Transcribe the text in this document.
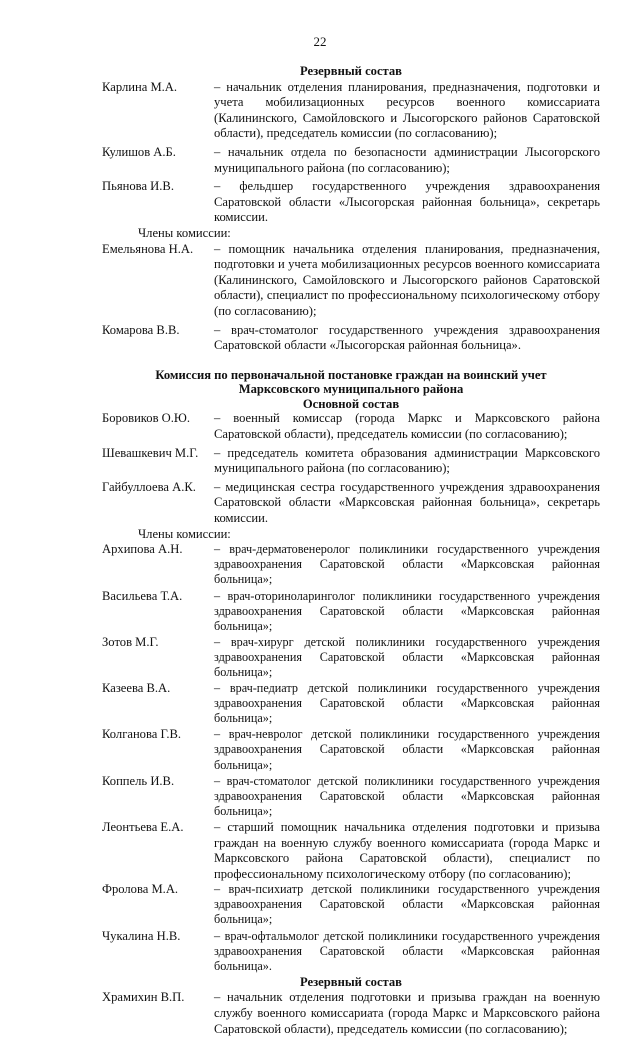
22
Резервный состав
Карлина М.А.	– начальник отделения планирования, предназначения, подготовки и учета мобилизационных ресурсов военного комиссариата (Калининского, Самойловского и Лысогорского районов Саратовской области), председатель комиссии (по согласованию);
Кулишов А.Б.	– начальник отдела по безопасности администрации Лысогорского муниципального района (по согласованию);
Пьянова И.В.	– фельдшер государственного учреждения здравоохранения Саратовской области «Лысогорская районная больница», секретарь комиссии.
Члены комиссии:
Емельянова Н.А.	– помощник начальника отделения планирования, предназначения, подготовки и учета мобилизационных ресурсов военного комиссариата (Калининского, Самойловского и Лысогорского районов Саратовской области), специалист по профессиональному психологическому отбору (по согласованию);
Комарова В.В.	– врач-стоматолог государственного учреждения здравоохранения Саратовской области «Лысогорская районная больница».
Комиссия по первоначальной постановке граждан на воинский учет
Марксовского муниципального района
Основной состав
Боровиков О.Ю.	– военный комиссар (города Маркс и Марксовского района Саратовской области), председатель комиссии (по согласованию);
Шевашкевич М.Г.	– председатель комитета образования администрации Марксовского муниципального района (по согласованию);
Гайбуллоева А.К.	– медицинская сестра государственного учреждения здравоохранения Саратовской области «Марксовская районная больница», секретарь комиссии.
Члены комиссии:
Архипова А.Н.	– врач-дерматовенеролог поликлиники государственного учреждения здравоохранения Саратовской области «Марксовская районная больница»;
Васильева Т.А.	– врач-оториноларинголог поликлиники государственного учреждения здравоохранения Саратовской области «Марксовская районная больница»;
Зотов М.Г.	– врач-хирург детской поликлиники государственного учреждения здравоохранения Саратовской области «Марксовская районная больница»;
Казеева В.А.	– врач-педиатр детской поликлиники государственного учреждения здравоохранения Саратовской области «Марксовская районная больница»;
Колганова Г.В.	– врач-невролог детской поликлиники государственного учреждения здравоохранения Саратовской области «Марксовская районная больница»;
Коппель И.В.	– врач-стоматолог детской поликлиники государственного учреждения здравоохранения Саратовской области «Марксовская районная больница»;
Леонтьева Е.А.	– старший помощник начальника отделения подготовки и призыва граждан на военную службу военного комиссариата (города Маркс и Марксовского района Саратовской области), специалист по профессиональному психологическому отбору (по согласованию);
Фролова М.А.	– врач-психиатр детской поликлиники государственного учреждения здравоохранения Саратовской области «Марксовская районная больница»;
Чукалина Н.В.	– врач-офтальмолог детской поликлиники государственного учреждения здравоохранения Саратовской области «Марксовская районная больница».
Резервный состав
Храмихин В.П.	– начальник отделения подготовки и призыва граждан на военную службу военного комиссариата (города Маркс и Марксовского района Саратовской области), председатель комиссии (по согласованию);
